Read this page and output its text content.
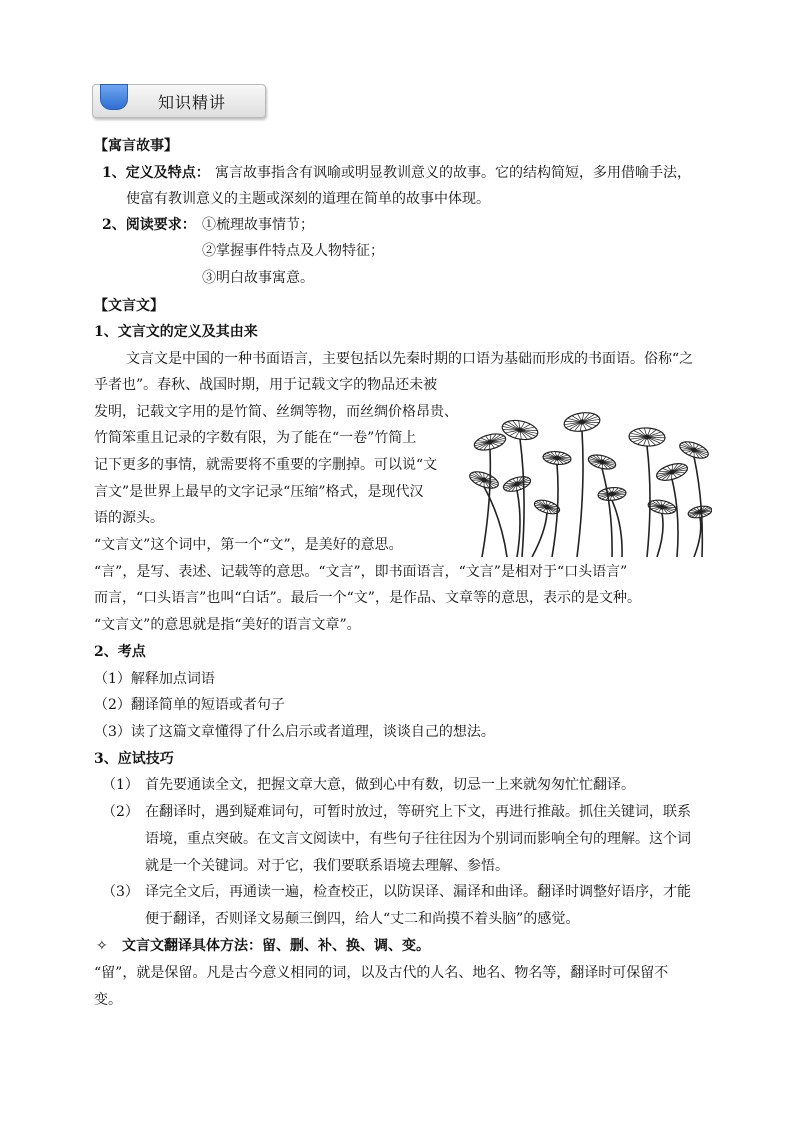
知识精讲
【寓言故事】
1、定义及特点： 寓言故事指含有讽喻或明显教训意义的故事。它的结构简短，多用借喻手法，
使富有教训意义的主题或深刻的道理在简单的故事中体现。
2、阅读要求： ①梳理故事情节；
②掌握事件特点及人物特征；
③明白故事寓意。
【文言文】
1、文言文的定义及其由来
文言文是中国的一种书面语言，主要包括以先秦时期的口语为基础而形成的书面语。俗称“之
乎者也”。春秋、战国时期，用于记载文字的物品还未被
发明，记载文字用的是竹简、丝绸等物，而丝绸价格昂贵、
竹简笨重且记录的字数有限，为了能在“一卷”竹简上
记下更多的事情，就需要将不重要的字删掉。可以说“文
言文”是世界上最早的文字记录“压缩”格式，是现代汉
语的源头。
“文言文”这个词中，第一个“文”，是美好的意思。
“言”，是写、表述、记载等的意思。“文言”，即书面语言，“文言”是相对于“口头语言”
而言，“口头语言”也叫“白话”。最后一个“文”，是作品、文章等的意思，表示的是文种。
“文言文”的意思就是指“美好的语言文章”。
2、考点
（1）解释加点词语
（2）翻译简单的短语或者句子
（3）读了这篇文章懂得了什么启示或者道理，谈谈自己的想法。
3、应试技巧
（1） 首先要通读全文，把握文章大意，做到心中有数，切忌一上来就匆匆忙忙翻译。
（2） 在翻译时，遇到疑难词句，可暂时放过，等研究上下文，再进行推敲。抓住关键词，联系
语境，重点突破。在文言文阅读中，有些句子往往因为个别词而影响全句的理解。这个词
就是一个关键词。对于它，我们要联系语境去理解、参悟。
（3） 译完全文后，再通读一遍，检查校正，以防误译、漏译和曲译。翻译时调整好语序，才能
便于翻译，否则译文易颠三倒四，给人“丈二和尚摸不着头脑”的感觉。
✧ 文言文翻译具体方法：留、删、补、换、调、变。
“留”，就是保留。凡是古今意义相同的词，以及古代的人名、地名、物名等，翻译时可保留不
变。
